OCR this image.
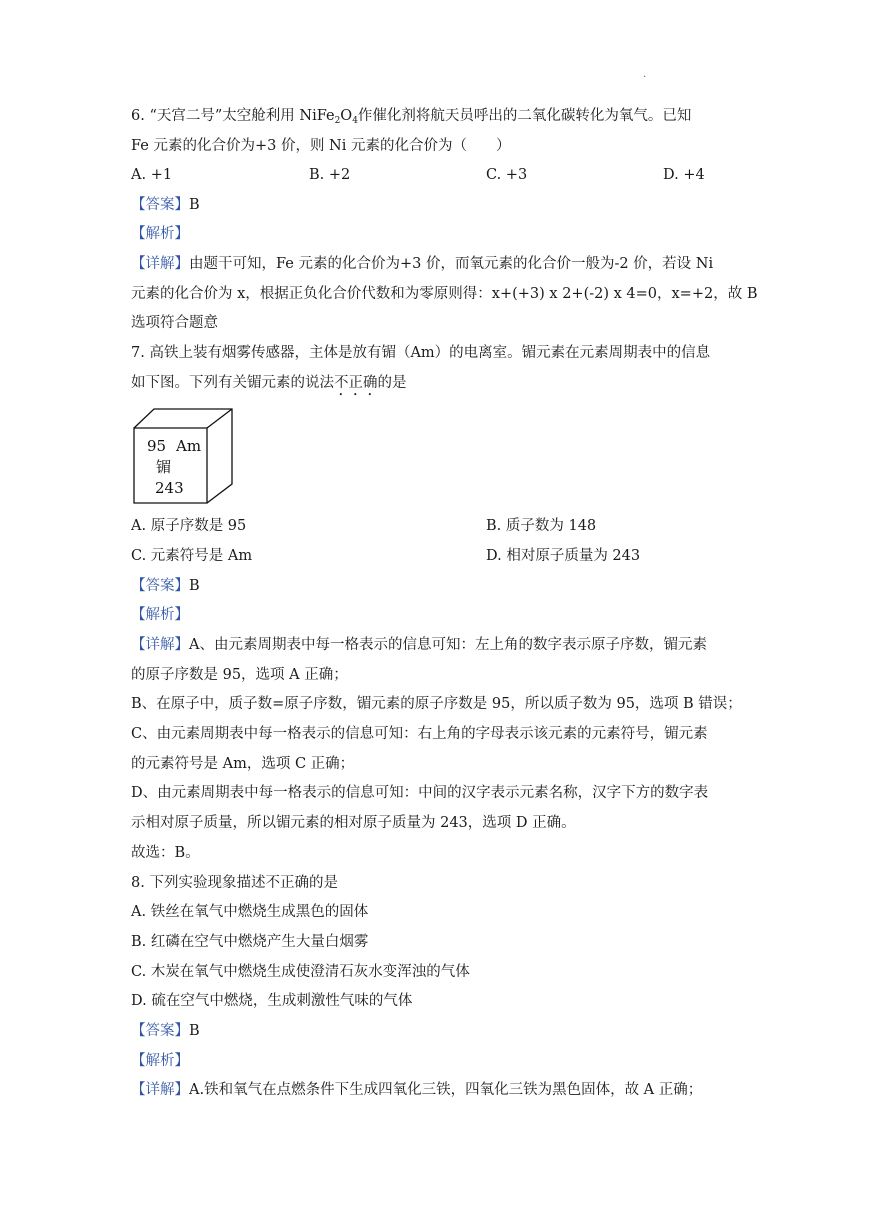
·
6. “天宫二号”太空舱利用 $NiFe_2O_4$作催化剂将航天员呼出的二氧化碳转化为氧气。已知
Fe 元素的化合价为+3 价，则 Ni 元素的化合价为（　　）
A. +1	B. +2	C. +3	D. +4
【答案】B
【解析】
【详解】由题干可知，Fe 元素的化合价为+3 价，而氧元素的化合价一般为-2 价，若设 Ni
元素的化合价为 x，根据正负化合价代数和为零原则得：x+(+3) x 2+(-2) x 4=0，x=+2，故 B
选项符合题意
7. 高铁上装有烟雾传感器，主体是放有镅（Am）的电离室。镅元素在元素周期表中的信息
如下图。下列有关镅元素的说法不正确的是
95 Am
镅
243
A. 原子序数是 95	B. 质子数为 148
C. 元素符号是 Am	D. 相对原子质量为 243
【答案】B
【解析】
【详解】A、由元素周期表中每一格表示的信息可知：左上角的数字表示原子序数，镅元素
的原子序数是 95，选项 A 正确；
B、在原子中，质子数=原子序数，镅元素的原子序数是 95，所以质子数为 95，选项 B 错误；
C、由元素周期表中每一格表示的信息可知：右上角的字母表示该元素的元素符号，镅元素
的元素符号是 Am，选项 C 正确；
D、由元素周期表中每一格表示的信息可知：中间的汉字表示元素名称，汉字下方的数字表
示相对原子质量，所以镅元素的相对原子质量为 243，选项 D 正确。
故选：B。
8. 下列实验现象描述不正确的是
A. 铁丝在氧气中燃烧生成黑色的固体
B. 红磷在空气中燃烧产生大量白烟雾
C. 木炭在氧气中燃烧生成使澄清石灰水变浑浊的气体
D. 硫在空气中燃烧，生成刺激性气味的气体
【答案】B
【解析】
【详解】A.铁和氧气在点燃条件下生成四氧化三铁，四氧化三铁为黑色固体，故 A 正确；
